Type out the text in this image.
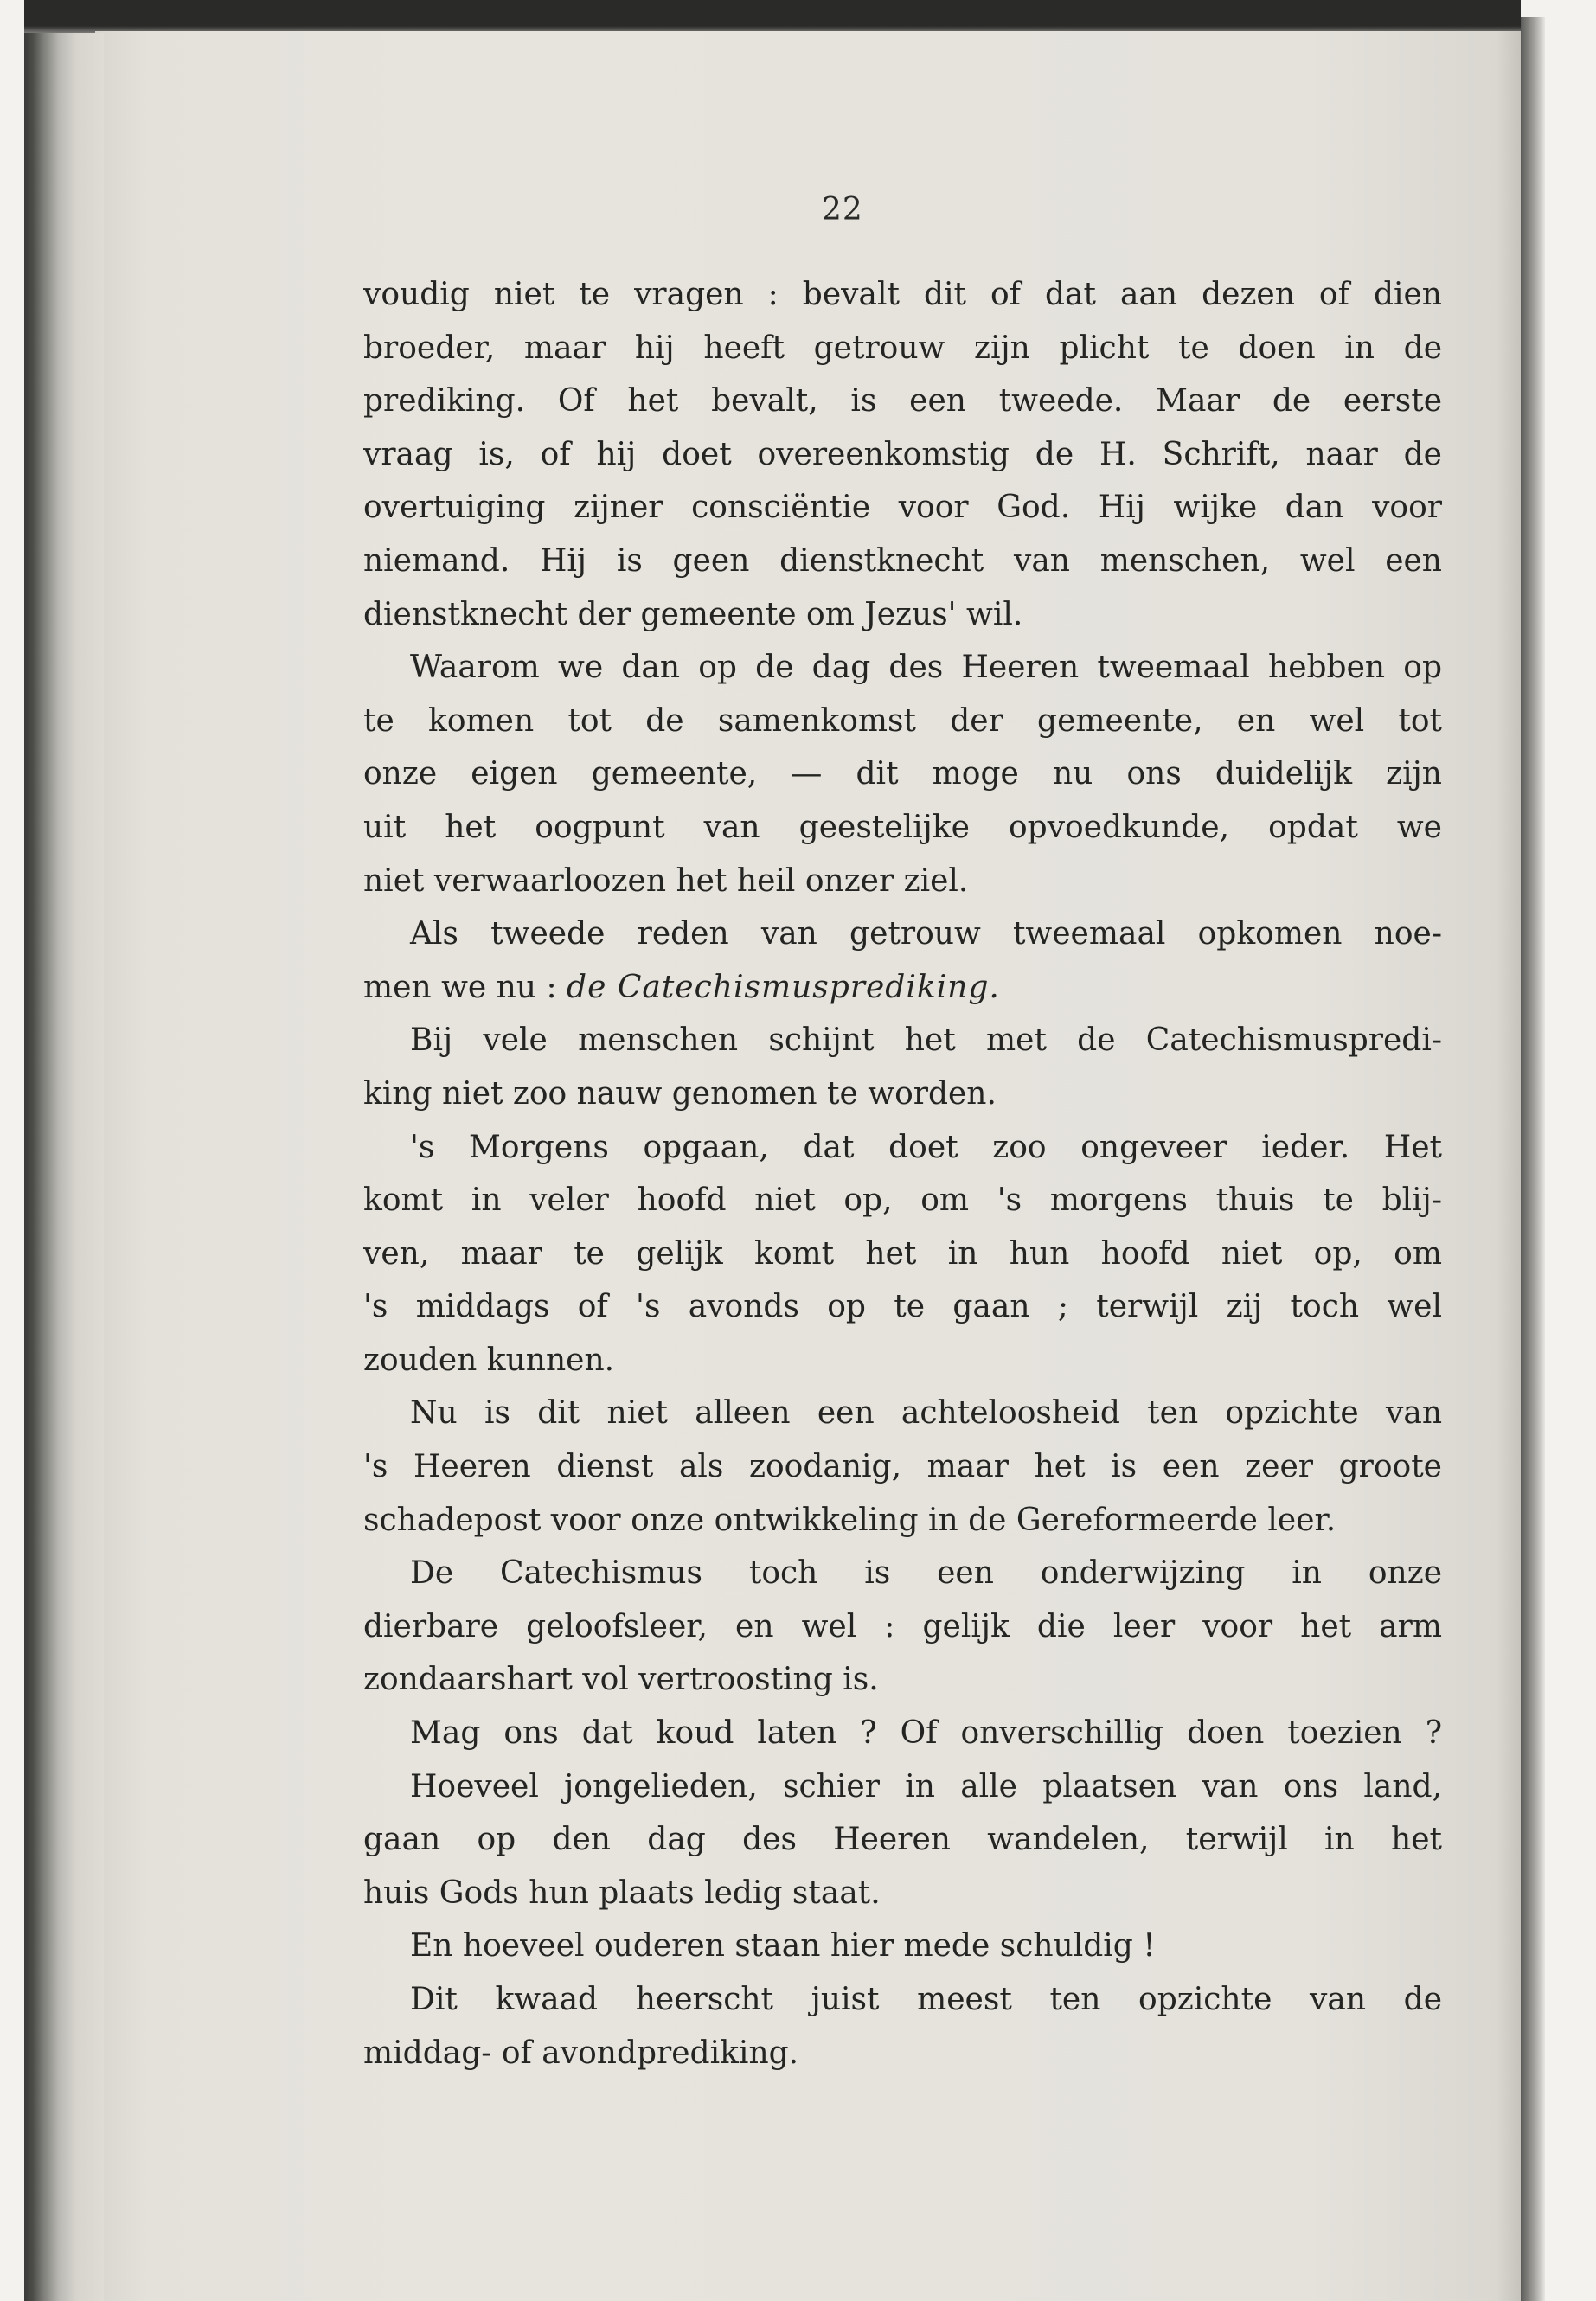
22
voudig niet te vragen : bevalt dit of dat aan dezen of dien
broeder, maar hij heeft getrouw zijn plicht te doen in de
prediking. Of het bevalt, is een tweede. Maar de eerste
vraag is, of hij doet overeenkomstig de H. Schrift, naar de
overtuiging zijner consciëntie voor God. Hij wijke dan voor
niemand. Hij is geen dienstknecht van menschen, wel een
dienstknecht der gemeente om Jezus' wil.
Waarom we dan op de dag des Heeren tweemaal hebben op
te komen tot de samenkomst der gemeente, en wel tot
onze eigen gemeente, — dit moge nu ons duidelijk zijn
uit het oogpunt van geestelijke opvoedkunde, opdat we
niet verwaarloozen het heil onzer ziel.
Als tweede reden van getrouw tweemaal opkomen noe-
men we nu : de Catechismusprediking.
Bij vele menschen schijnt het met de Catechismuspredi-
king niet zoo nauw genomen te worden.
's Morgens opgaan, dat doet zoo ongeveer ieder. Het
komt in veler hoofd niet op, om 's morgens thuis te blij-
ven, maar te gelijk komt het in hun hoofd niet op, om
's middags of 's avonds op te gaan ; terwijl zij toch wel
zouden kunnen.
Nu is dit niet alleen een achteloosheid ten opzichte van
's Heeren dienst als zoodanig, maar het is een zeer groote
schadepost voor onze ontwikkeling in de Gereformeerde leer.
De Catechismus toch is een onderwijzing in onze
dierbare geloofsleer, en wel : gelijk die leer voor het arm
zondaarshart vol vertroosting is.
Mag ons dat koud laten ? Of onverschillig doen toezien ?
Hoeveel jongelieden, schier in alle plaatsen van ons land,
gaan op den dag des Heeren wandelen, terwijl in het
huis Gods hun plaats ledig staat.
En hoeveel ouderen staan hier mede schuldig !
Dit kwaad heerscht juist meest ten opzichte van de
middag- of avondprediking.
